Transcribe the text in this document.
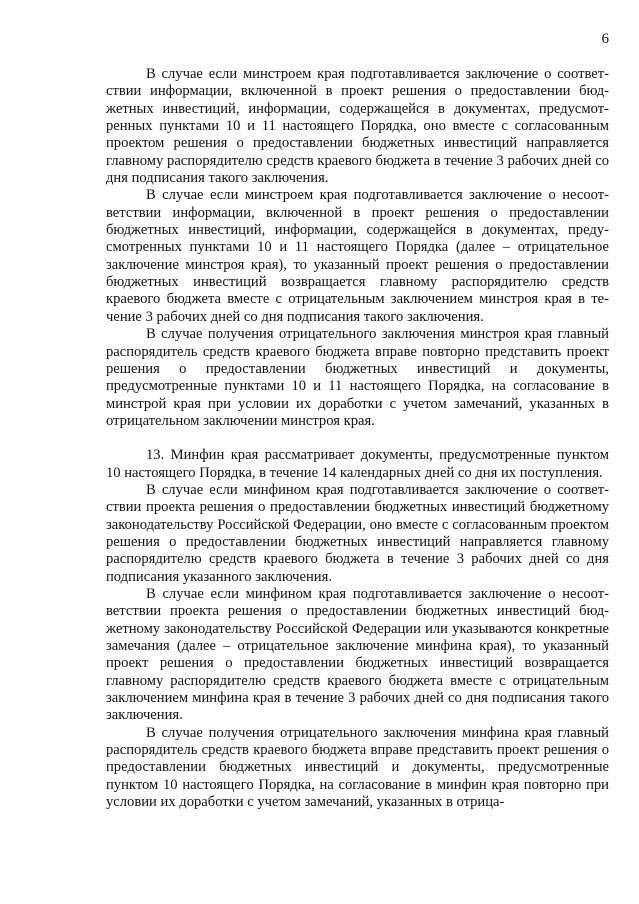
6

В случае если минстроем края подготавливается заключение о соответствии информации, включенной в проект решения о предоставлении бюджетных инвестиций, информации, содержащейся в документах, предусмотренных пунктами 10 и 11 настоящего Порядка, оно вместе с согласованным проектом решения о предоставлении бюджетных инвестиций направляется главному распорядителю средств краевого бюджета в течение 3 рабочих дней со дня подписания такого заключения.

В случае если минстроем края подготавливается заключение о несоответствии информации, включенной в проект решения о предоставлении бюджетных инвестиций, информации, содержащейся в документах, предусмотренных пунктами 10 и 11 настоящего Порядка (далее – отрицательное заключение минстроя края), то указанный проект решения о предоставлении бюджетных инвестиций возвращается главному распорядителю средств краевого бюджета вместе с отрицательным заключением минстроя края в течение 3 рабочих дней со дня подписания такого заключения.

В случае получения отрицательного заключения минстроя края главный распорядитель средств краевого бюджета вправе повторно представить проект решения о предоставлении бюджетных инвестиций и документы, предусмотренные пунктами 10 и 11 настоящего Порядка, на согласование в минстрой края при условии их доработки с учетом замечаний, указанных в отрицательном заключении минстроя края.

13. Минфин края рассматривает документы, предусмотренные пунктом 10 настоящего Порядка, в течение 14 календарных дней со дня их поступления.

В случае если минфином края подготавливается заключение о соответствии проекта решения о предоставлении бюджетных инвестиций бюджетному законодательству Российской Федерации, оно вместе с согласованным проектом решения о предоставлении бюджетных инвестиций направляется главному распорядителю средств краевого бюджета в течение 3 рабочих дней со дня подписания указанного заключения.

В случае если минфином края подготавливается заключение о несоответствии проекта решения о предоставлении бюджетных инвестиций бюджетному законодательству Российской Федерации или указываются конкретные замечания (далее – отрицательное заключение минфина края), то указанный проект решения о предоставлении бюджетных инвестиций возвращается главному распорядителю средств краевого бюджета вместе с отрицательным заключением минфина края в течение 3 рабочих дней со дня подписания такого заключения.

В случае получения отрицательного заключения минфина края главный распорядитель средств краевого бюджета вправе представить проект решения о предоставлении бюджетных инвестиций и документы, предусмотренные пунктом 10 настоящего Порядка, на согласование в минфин края повторно при условии их доработки с учетом замечаний, указанных в отрица-
